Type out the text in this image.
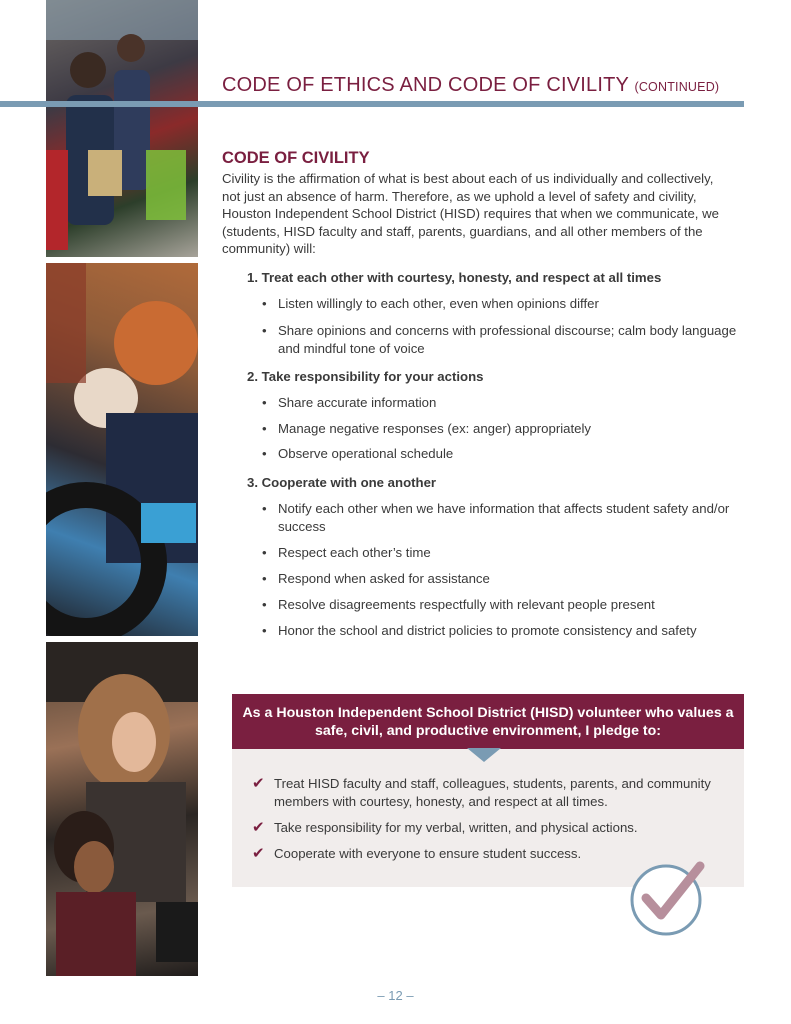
CODE OF ETHICS AND CODE OF CIVILITY (CONTINUED)
CODE OF CIVILITY

Civility is the affirmation of what is best about each of us individually and collectively, not just an absence of harm. Therefore, as we uphold a level of safety and civility, Houston Independent School District (HISD) requires that when we communicate, we (students, HISD faculty and staff, parents, guardians, and all other members of the community) will:

1. Treat each other with courtesy, honesty, and respect at all times

• Listen willingly to each other, even when opinions differ

• Share opinions and concerns with professional discourse; calm body language and mindful tone of voice

2. Take responsibility for your actions

• Share accurate information

• Manage negative responses (ex: anger) appropriately

• Observe operational schedule

3. Cooperate with one another

• Notify each other when we have information that affects student safety and/or success

• Respect each other’s time

• Respond when asked for assistance

• Resolve disagreements respectfully with relevant people present

• Honor the school and district policies to promote consistency and safety

As a Houston Independent School District (HISD) volunteer who values a safe, civil, and productive environment, I pledge to:

✔ Treat HISD faculty and staff, colleagues, students, parents, and community members with courtesy, honesty, and respect at all times.

✔ Take responsibility for my verbal, written, and physical actions.

✔ Cooperate with everyone to ensure student success.

– 12 –
